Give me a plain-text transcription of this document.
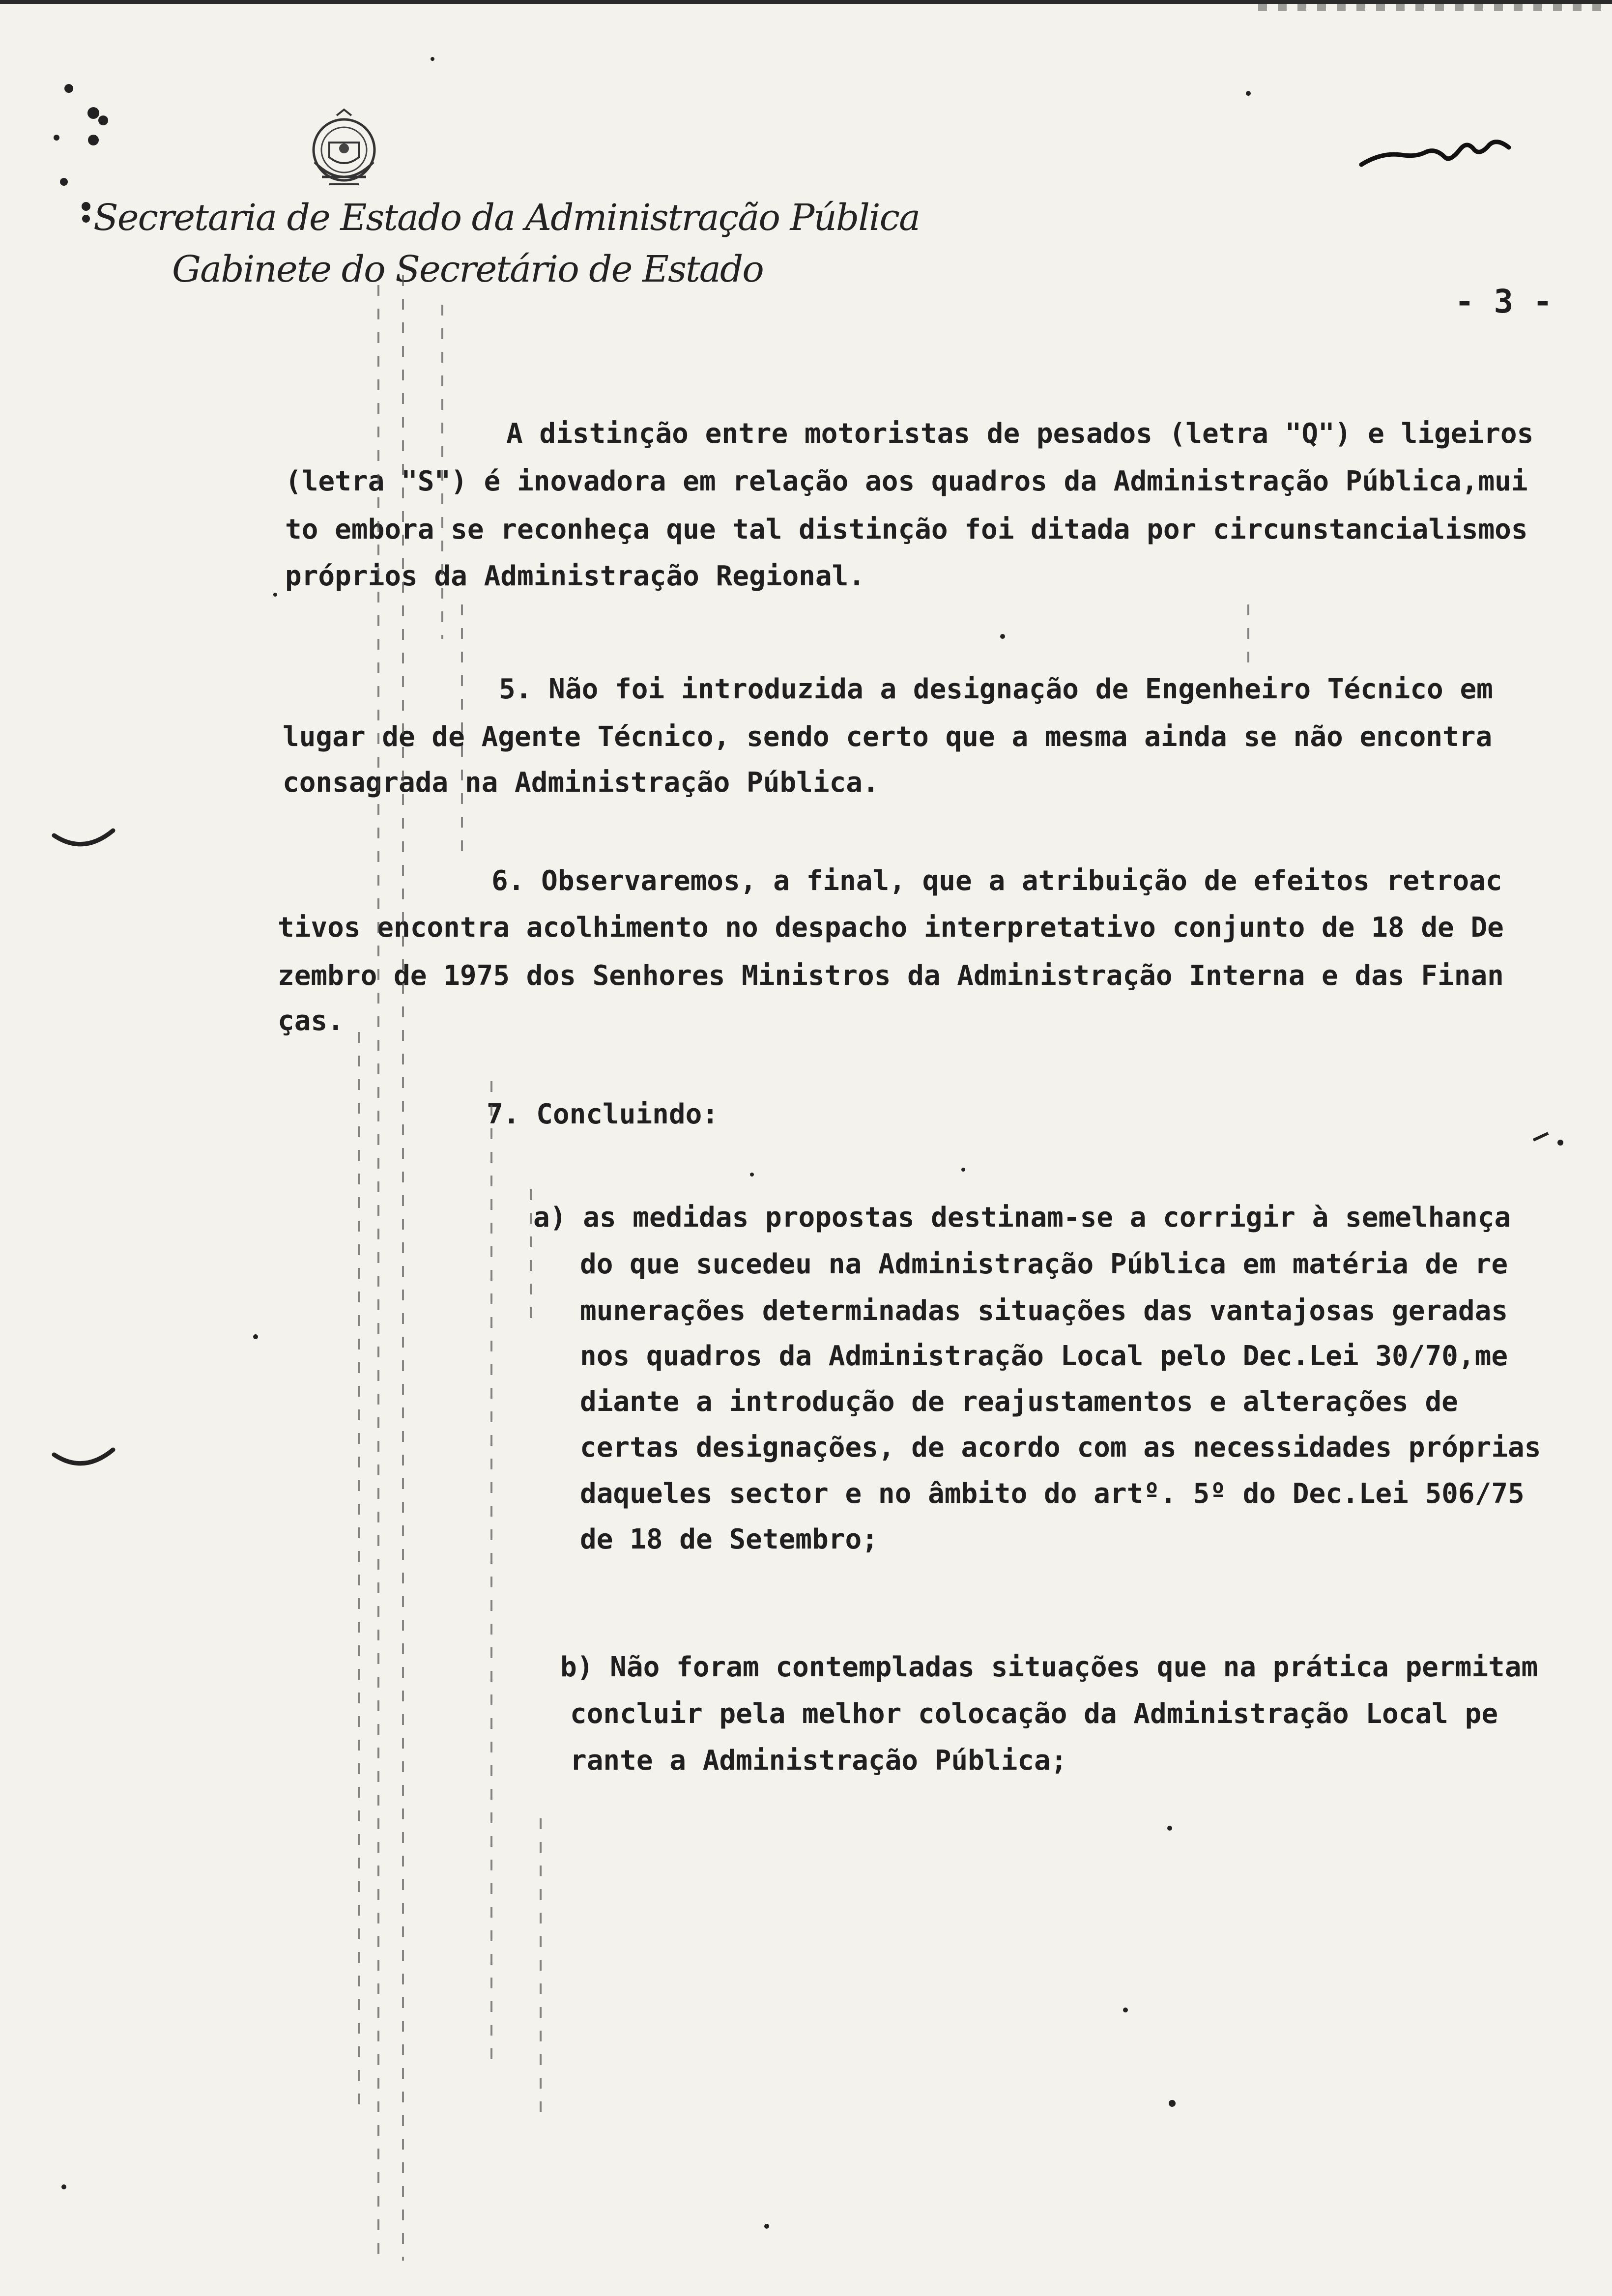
Secretaria de Estado da Administração Pública
Gabinete do Secretário de Estado
- 3 -
A distinção entre motoristas de pesados (letra "Q") e ligeiros
(letra "S") é inovadora em relação aos quadros da Administração Pública,mui
to embora se reconheça que tal distinção foi ditada por circunstancialismos
próprios da Administração Regional.
5. Não foi introduzida a designação de Engenheiro Técnico em
lugar de de Agente Técnico, sendo certo que a mesma ainda se não encontra
consagrada na Administração Pública.
6. Observaremos, a final, que a atribuição de efeitos retroac
tivos encontra acolhimento no despacho interpretativo conjunto de 18 de De
zembro de 1975 dos Senhores Ministros da Administração Interna e das Finan
ças.
7. Concluindo:
a) as medidas propostas destinam-se a corrigir à semelhança
do que sucedeu na Administração Pública em matéria de re
munerações determinadas situações das vantajosas geradas
nos quadros da Administração Local pelo Dec.Lei 30/70,me
diante a introdução de reajustamentos e alterações de
certas designações, de acordo com as necessidades próprias
daqueles sector e no âmbito do artº. 5º do Dec.Lei 506/75
de 18 de Setembro;
b) Não foram contempladas situações que na prática permitam
concluir pela melhor colocação da Administração Local pe
rante a Administração Pública;
